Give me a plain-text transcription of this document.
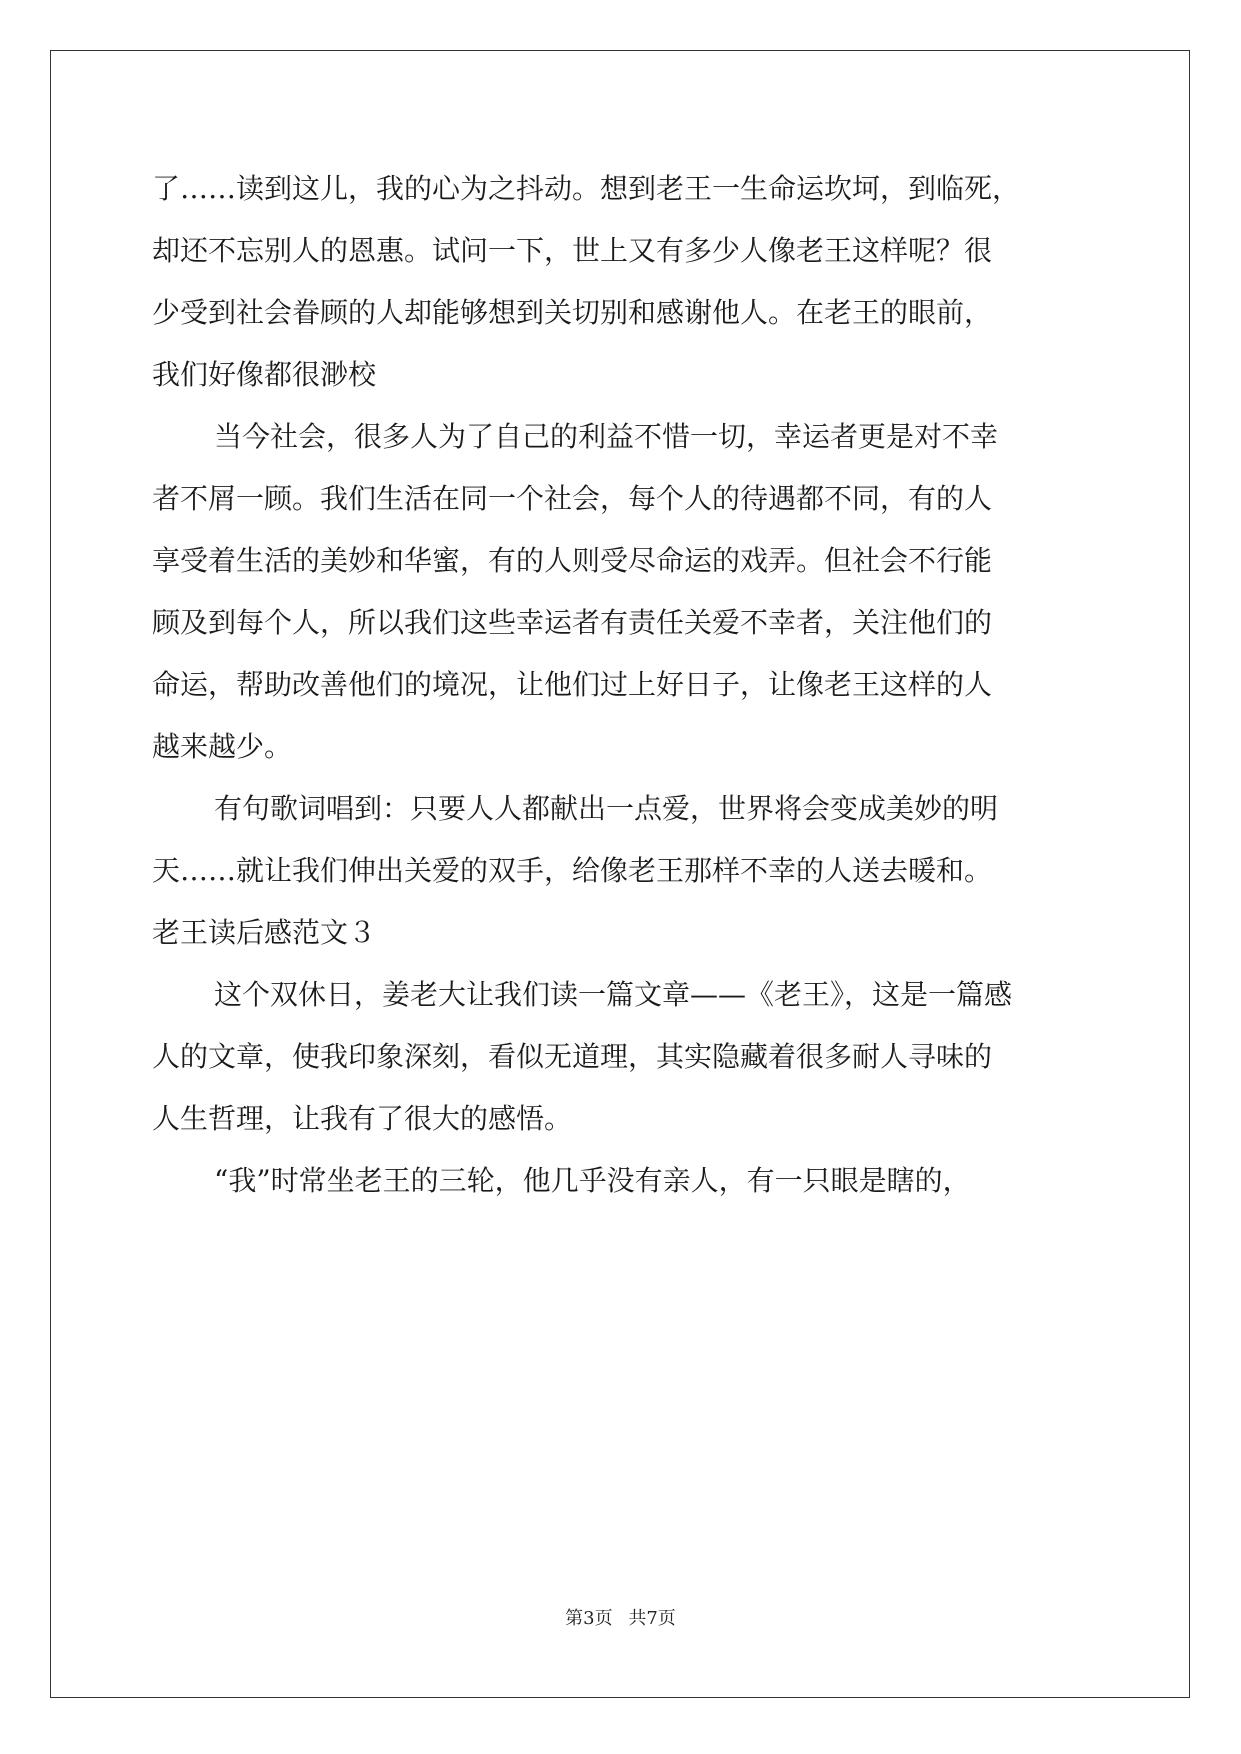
了……读到这儿，我的心为之抖动。想到老王一生命运坎坷，到临死，

却还不忘别人的恩惠。试问一下，世上又有多少人像老王这样呢？很

少受到社会眷顾的人却能够想到关切别和感谢他人。在老王的眼前，

我们好像都很渺校

当今社会，很多人为了自己的利益不惜一切，幸运者更是对不幸

者不屑一顾。我们生活在同一个社会，每个人的待遇都不同，有的人

享受着生活的美妙和华蜜，有的人则受尽命运的戏弄。但社会不行能

顾及到每个人，所以我们这些幸运者有责任关爱不幸者，关注他们的

命运，帮助改善他们的境况，让他们过上好日子，让像老王这样的人

越来越少。

有句歌词唱到：只要人人都献出一点爱，世界将会变成美妙的明

天……就让我们伸出关爱的双手，给像老王那样不幸的人送去暖和。

老王读后感范文３

这个双休日，姜老大让我们读一篇文章——《老王》，这是一篇感

人的文章，使我印象深刻，看似无道理，其实隐藏着很多耐人寻味的

人生哲理，让我有了很大的感悟。

“我”时常坐老王的三轮，他几乎没有亲人，有一只眼是瞎的，

第3页 共7页
